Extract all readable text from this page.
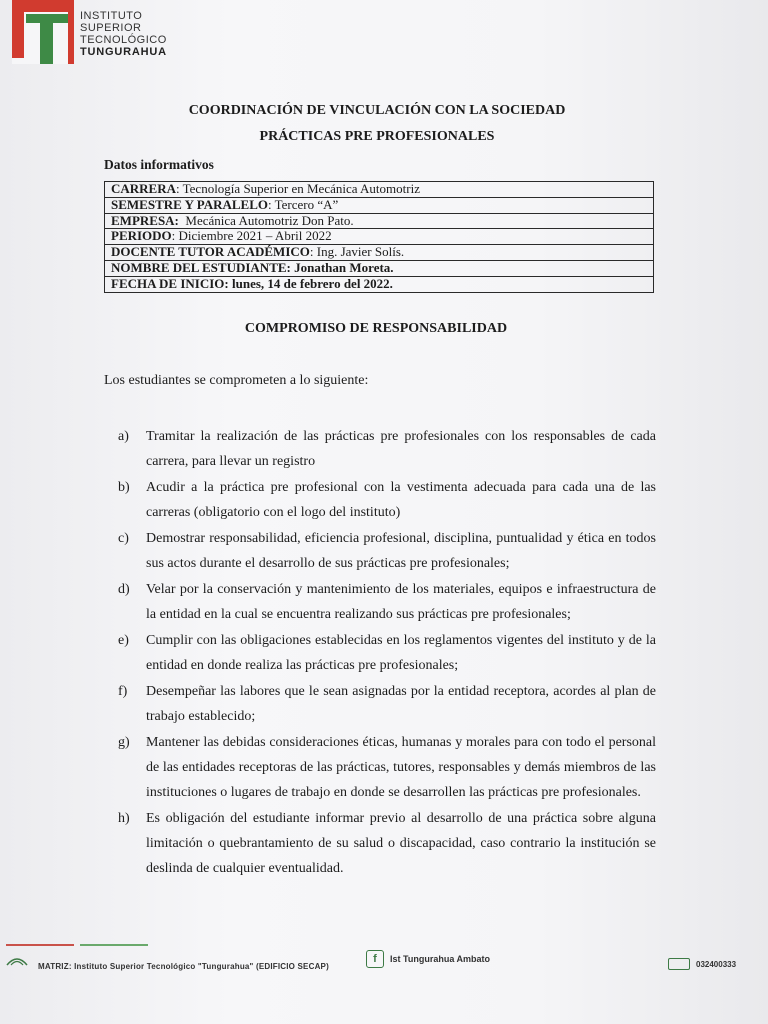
INSTITUTO
SUPERIOR
TECNOLÓGICO
TUNGURAHUA
COORDINACIÓN DE VINCULACIÓN CON LA SOCIEDAD
PRÁCTICAS PRE PROFESIONALES
Datos informativos
CARRERA: Tecnología Superior en Mecánica Automotriz
SEMESTRE Y PARALELO: Tercero “A”
EMPRESA:  Mecánica Automotriz Don Pato.
PERIODO: Diciembre 2021 – Abril 2022
DOCENTE TUTOR ACADÉMICO: Ing. Javier Solís.
NOMBRE DEL ESTUDIANTE: Jonathan Moreta.
FECHA DE INICIO: lunes, 14 de febrero del 2022.
COMPROMISO DE RESPONSABILIDAD
Los estudiantes se comprometen a lo siguiente:
a) Tramitar la realización de las prácticas pre profesionales con los responsables de cada carrera, para llevar un registro
b) Acudir a la práctica pre profesional con la vestimenta adecuada para cada una de las carreras (obligatorio con el logo del instituto)
c) Demostrar responsabilidad, eficiencia profesional, disciplina, puntualidad y ética en todos sus actos durante el desarrollo de sus prácticas pre profesionales;
d) Velar por la conservación y mantenimiento de los materiales, equipos e infraestructura de la entidad en la cual se encuentra realizando sus prácticas pre profesionales;
e) Cumplir con las obligaciones establecidas en los reglamentos vigentes del instituto y de la entidad en donde realiza las prácticas pre profesionales;
f) Desempeñar las labores que le sean asignadas por la entidad receptora, acordes al plan de trabajo establecido;
g) Mantener las debidas consideraciones éticas, humanas y morales para con todo el personal de las entidades receptoras de las prácticas, tutores, responsables y demás miembros de las instituciones o lugares de trabajo en donde se desarrollen las prácticas pre profesionales.
h) Es obligación del estudiante informar previo al desarrollo de una práctica sobre alguna limitación o quebrantamiento de su salud o discapacidad, caso contrario la institución se deslinda de cualquier eventualidad.
MATRIZ: Instituto Superior Tecnológico "Tungurahua" (EDIFICIO SECAP)
f	Ist Tungurahua Ambato	032400333
